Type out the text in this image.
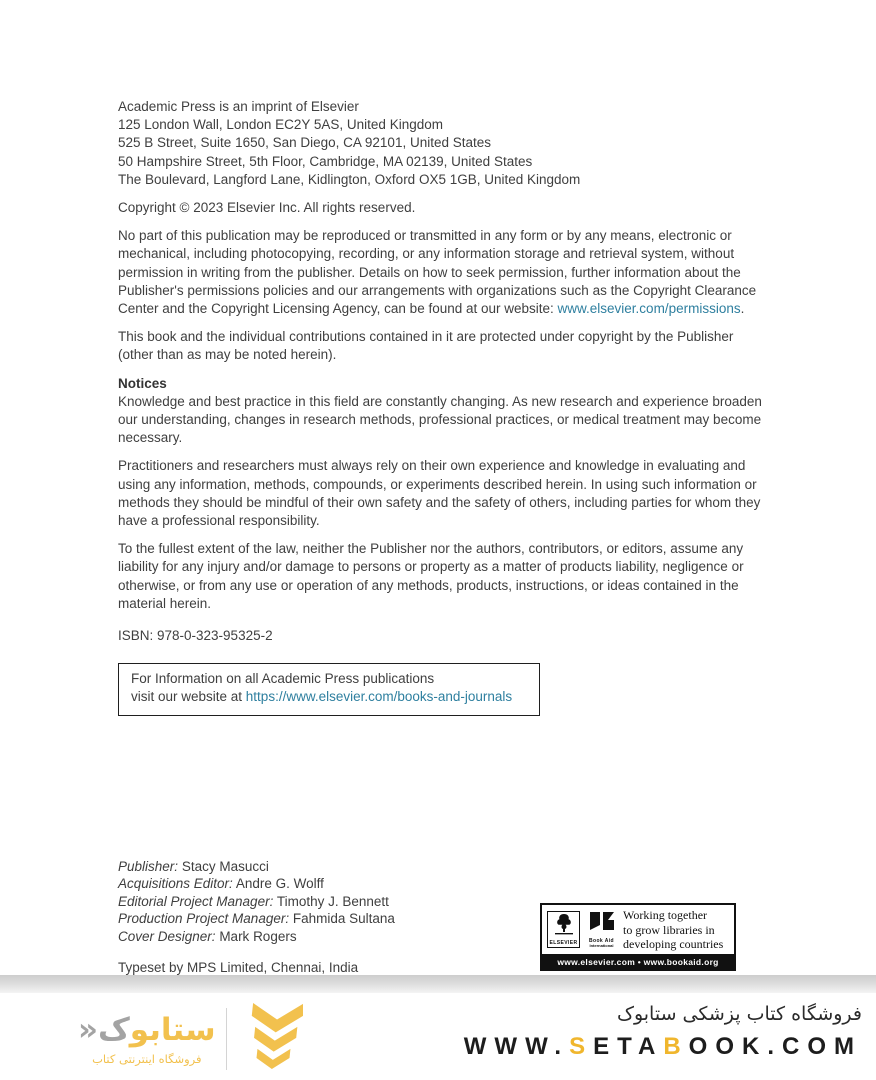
Academic Press is an imprint of Elsevier
125 London Wall, London EC2Y 5AS, United Kingdom
525 B Street, Suite 1650, San Diego, CA 92101, United States
50 Hampshire Street, 5th Floor, Cambridge, MA 02139, United States
The Boulevard, Langford Lane, Kidlington, Oxford OX5 1GB, United Kingdom
Copyright © 2023 Elsevier Inc. All rights reserved.
No part of this publication may be reproduced or transmitted in any form or by any means, electronic or mechanical, including photocopying, recording, or any information storage and retrieval system, without permission in writing from the publisher. Details on how to seek permission, further information about the Publisher's permissions policies and our arrangements with organizations such as the Copyright Clearance Center and the Copyright Licensing Agency, can be found at our website: www.elsevier.com/permissions.
This book and the individual contributions contained in it are protected under copyright by the Publisher (other than as may be noted herein).
Notices
Knowledge and best practice in this field are constantly changing. As new research and experience broaden our understanding, changes in research methods, professional practices, or medical treatment may become necessary.
Practitioners and researchers must always rely on their own experience and knowledge in evaluating and using any information, methods, compounds, or experiments described herein. In using such information or methods they should be mindful of their own safety and the safety of others, including parties for whom they have a professional responsibility.
To the fullest extent of the law, neither the Publisher nor the authors, contributors, or editors, assume any liability for any injury and/or damage to persons or property as a matter of products liability, negligence or otherwise, or from any use or operation of any methods, products, instructions, or ideas contained in the material herein.
ISBN: 978-0-323-95325-2
For Information on all Academic Press publications
visit our website at https://www.elsevier.com/books-and-journals
Publisher: Stacy Masucci
Acquisitions Editor: Andre G. Wolff
Editorial Project Manager: Timothy J. Bennett
Production Project Manager: Fahmida Sultana
Cover Designer: Mark Rogers
Typeset by MPS Limited, Chennai, India
ELSEVIER Book Aid
International
Working together
to grow libraries in
developing countries
www.elsevier.com • www.bookaid.org
ستابوک«
فروشگاه اینترنتی کتاب
فروشگاه کتاب پزشکی ستابوک
WWW.SETABOOK.COM
